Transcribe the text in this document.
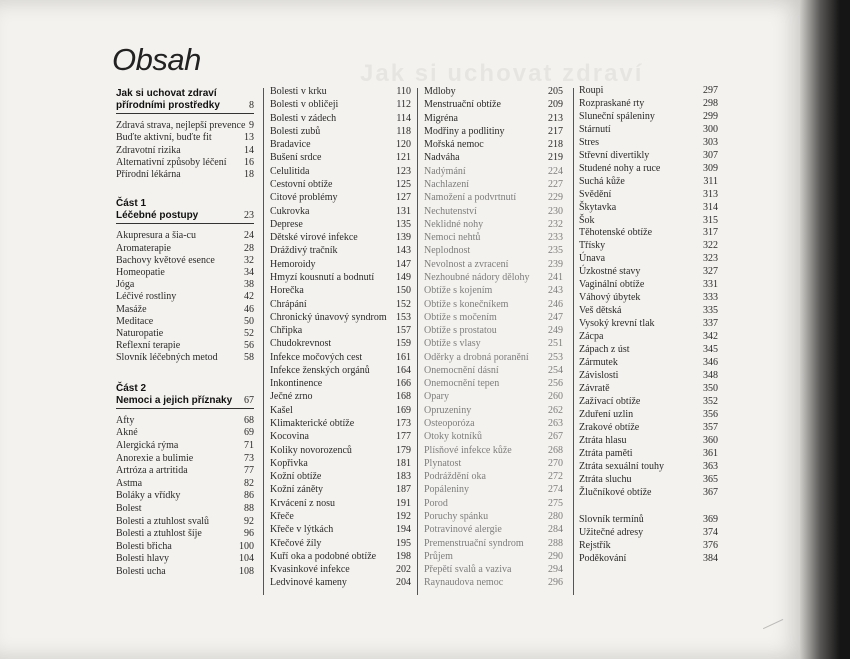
Jak si uchovat zdraví
Obsah
Jak si uchovat zdraví
přírodními prostředky	8
Zdravá strava, nejlepší prevence 9
Buďte aktivní, buďte fit	13
Zdravotní rizika	14
Alternativní způsoby léčení 16
Přírodní lékárna	18
Část 1
Léčebné postupy	23
Akupresura a šia-cu	24
Aromaterapie	28
Bachovy květové esence	32
Homeopatie	34
Jóga	38
Léčivé rostliny	42
Masáže	46
Meditace	50
Naturopatie	52
Reflexní terapie	56
Slovník léčebných metod	58
Část 2
Nemoci a jejich příznaky 67
Afty	68
Akné	69
Alergická rýma	71
Anorexie a bulimie	73
Artróza a artritida	77
Astma	82
Boláky a vřídky	86
Bolest	88
Bolesti a ztuhlost svalů	92
Bolesti a ztuhlost šíje	96
Bolesti břicha	100
Bolesti hlavy	104
Bolesti ucha	108
Bolesti v krku	110
Bolesti v obličeji	112
Bolesti v zádech	114
Bolesti zubů	118
Bradavice	120
Bušení srdce	121
Celulitida	123
Cestovní obtíže	125
Citové problémy	127
Cukrovka	131
Deprese	135
Dětské virové infekce	139
Dráždivý tračník	143
Hemoroidy	147
Hmyzí kousnutí a bodnutí 149
Horečka	150
Chrápání	152
Chronický únavový syndrom 153
Chřipka	157
Chudokrevnost	159
Infekce močových cest	161
Infekce ženských orgánů	164
Inkontinence	166
Ječné zrno	168
Kašel	169
Klimakterické obtíže	173
Kocovina	177
Koliky novorozenců	179
Kopřivka	181
Kožní obtíže	183
Kožní záněty	187
Krvácení z nosu	191
Křeče	192
Křeče v lýtkách	194
Křečové žíly	195
Kuří oka a podobné obtíže 198
Kvasinkové infekce	202
Ledvinové kameny	204
Mdloby	205
Menstruační obtíže	209
Migréna	213
Modřiny a podlitiny	217
Mořská nemoc	218
Nadváha	219
Nadýmání	224
Nachlazení	227
Namožení a podvrtnutí	229
Nechutenství	230
Neklidné nohy	232
Nemoci nehtů	233
Neplodnost	235
Nevolnost a zvracení	239
Nezhoubné nádory dělohy 241
Obtíže s kojením	243
Obtíže s konečníkem	246
Obtíže s močením	247
Obtíže s prostatou	249
Obtíže s vlasy	251
Oděrky a drobná poranění 253
Onemocnění dásní	254
Onemocnění tepen	256
Opary	260
Opruzeniny	262
Osteoporóza	263
Otoky kotníků	267
Plísňové infekce kůže	268
Plynatost	270
Podráždění oka	272
Popáleniny	274
Porod	275
Poruchy spánku	280
Potravinové alergie	284
Premenstruační syndrom 288
Průjem	290
Přepětí svalů a vaziva	294
Raynaudova nemoc	296
Roupi	297
Rozpraskané rty	298
Sluneční spáleniny	299
Stárnutí	300
Stres	303
Střevní divertikly	307
Studené nohy a ruce	309
Suchá kůže	311
Svědění	313
Škytavka	314
Šok	315
Těhotenské obtíže	317
Třísky	322
Únava	323
Úzkostné stavy	327
Vaginální obtíže	331
Váhový úbytek	333
Veš dětská	335
Vysoký krevní tlak	337
Zácpa	342
Zápach z úst	345
Zármutek	346
Závislosti	348
Závratě	350
Zažívací obtíže	352
Zduření uzlin	356
Zrakové obtíže	357
Ztráta hlasu	360
Ztráta paměti	361
Ztráta sexuální touhy	363
Ztráta sluchu	365
Žlučníkové obtíže	367
Slovník termínů	369
Užitečné adresy	374
Rejstřík	376
Poděkování	384
